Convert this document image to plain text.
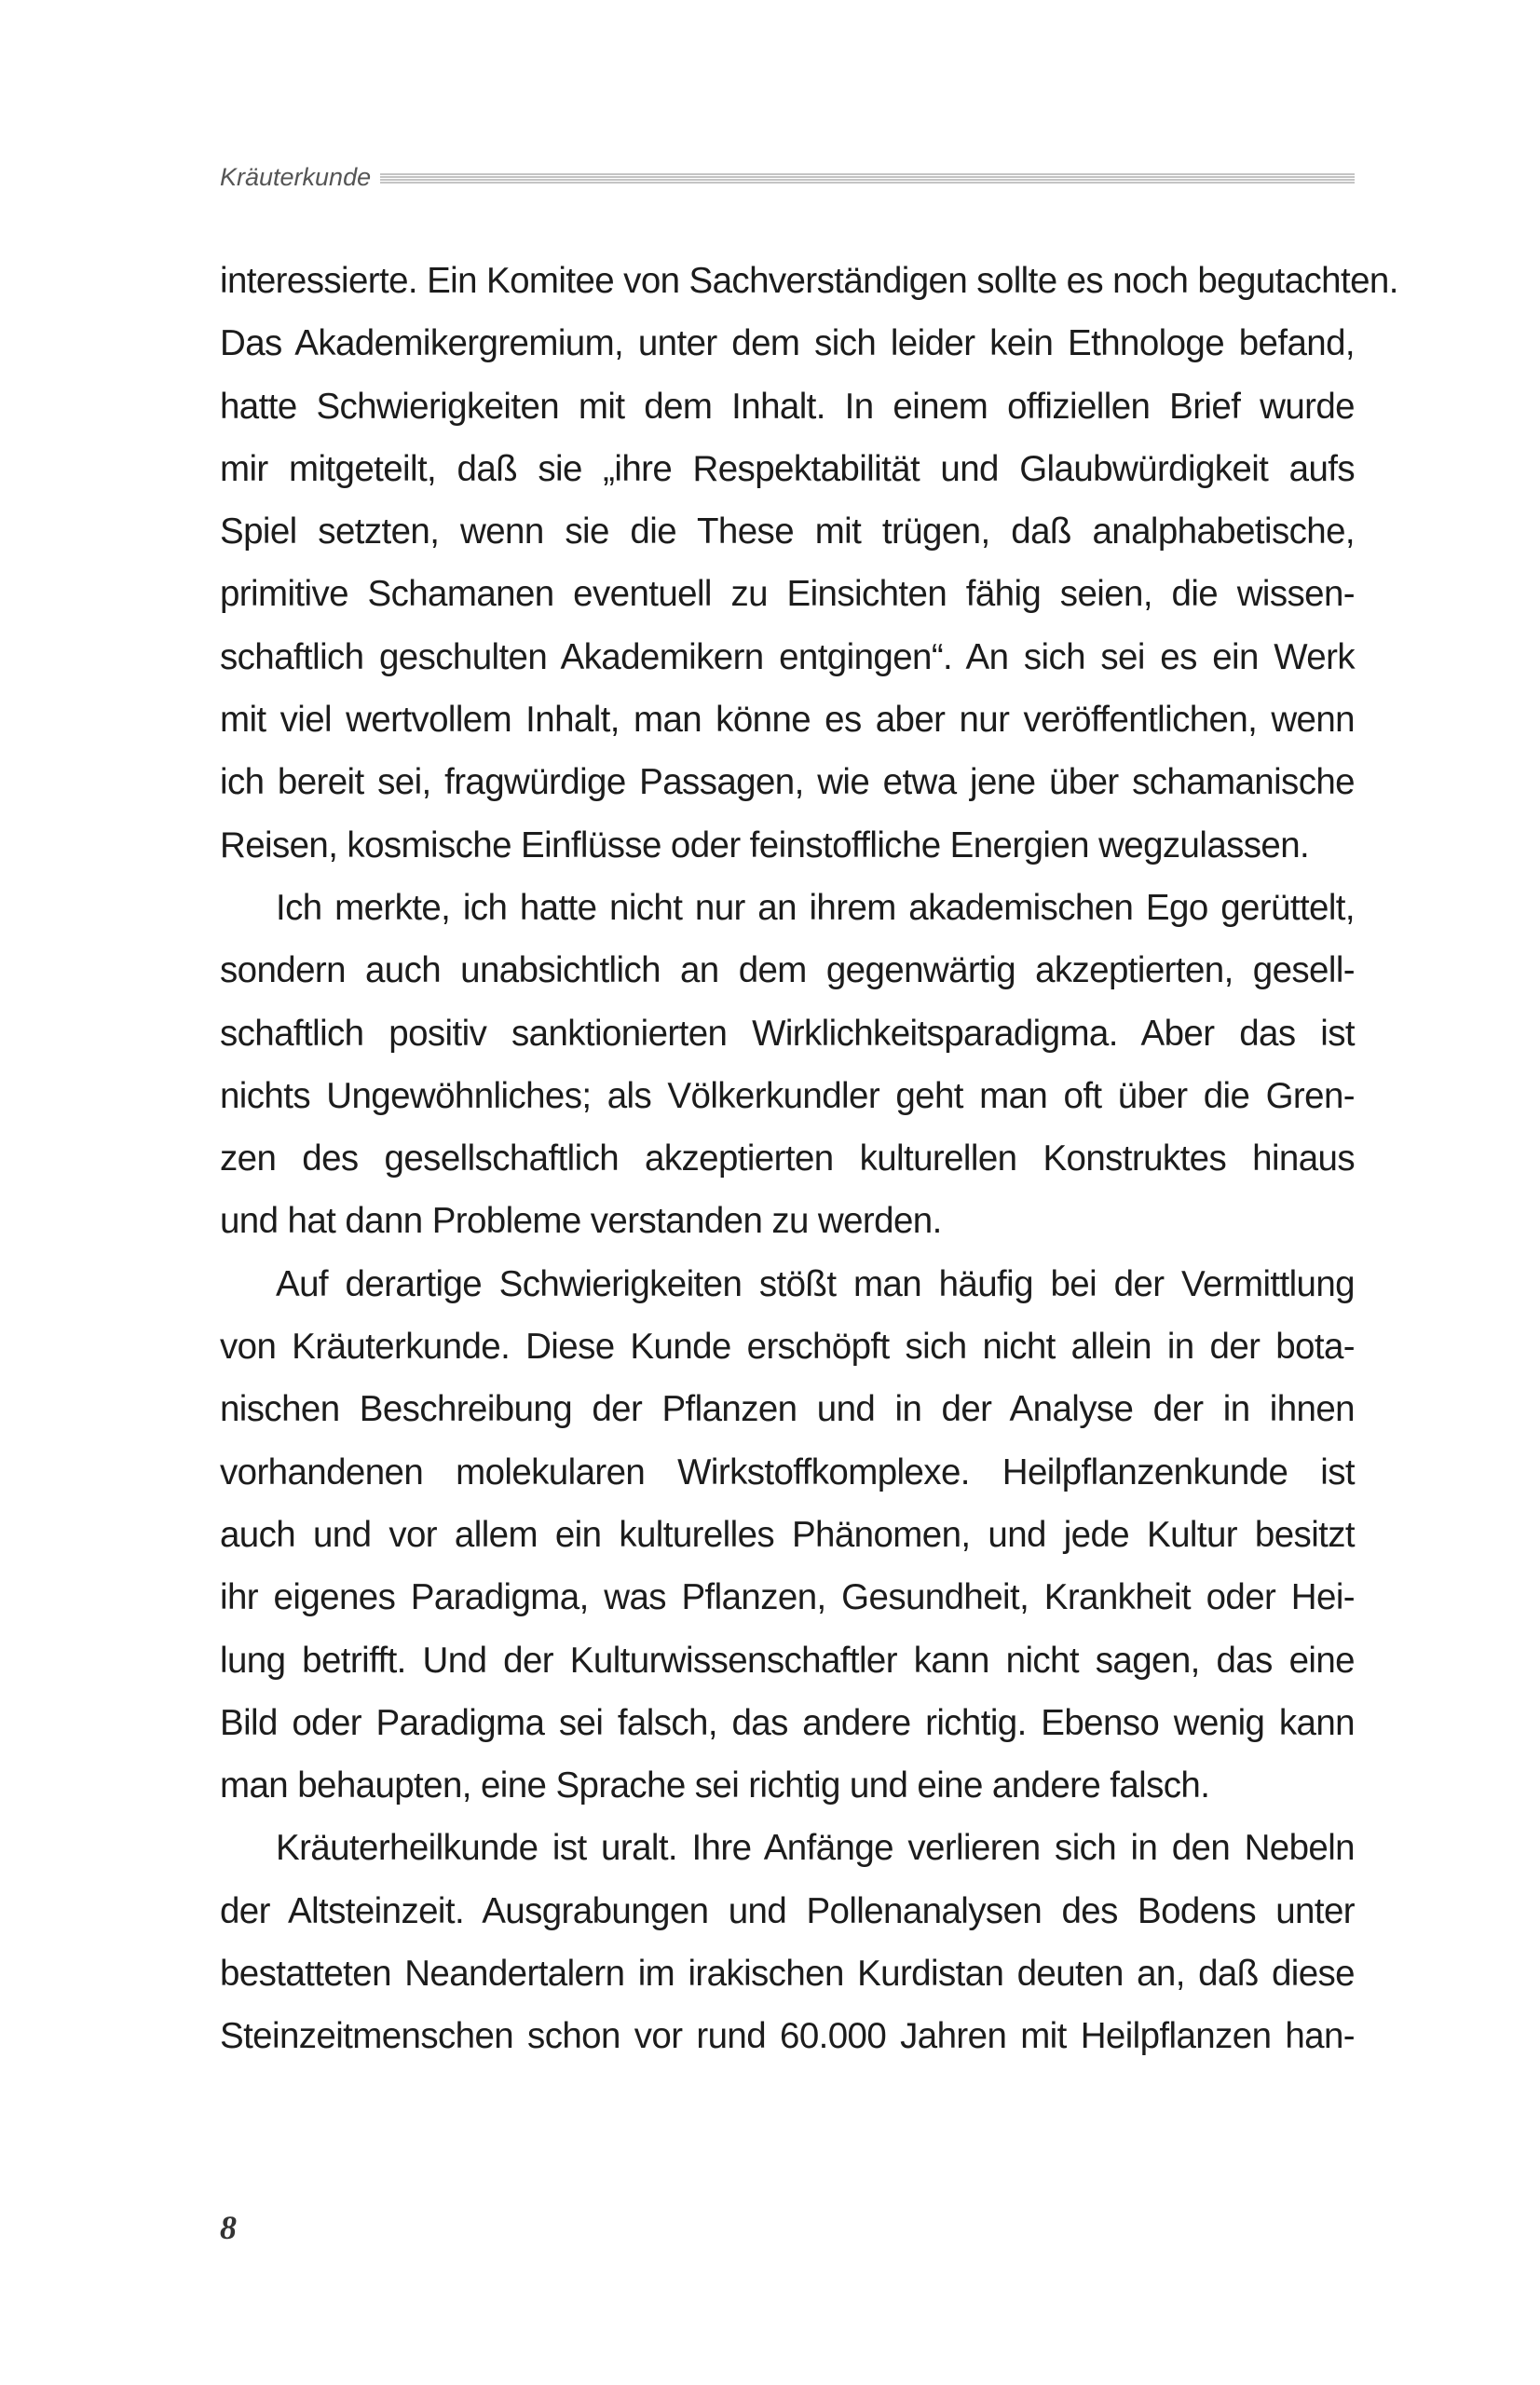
Kräuterkunde
interessierte. Ein Komitee von Sachverständigen sollte es noch begutachten.
Das Akademikergremium, unter dem sich leider kein Ethnologe befand,
hatte Schwierigkeiten mit dem Inhalt. In einem offiziellen Brief wurde
mir mitgeteilt, daß sie „ihre Respektabilität und Glaubwürdigkeit aufs
Spiel setzten, wenn sie die These mit trügen, daß analphabetische,
primitive Schamanen eventuell zu Einsichten fähig seien, die wissen-
schaftlich geschulten Akademikern entgingen“. An sich sei es ein Werk
mit viel wertvollem Inhalt, man könne es aber nur veröffentlichen, wenn
ich bereit sei, fragwürdige Passagen, wie etwa jene über schamanische
Reisen, kosmische Einflüsse oder feinstoffliche Energien wegzulassen.
Ich merkte, ich hatte nicht nur an ihrem akademischen Ego gerüttelt,
sondern auch unabsichtlich an dem gegenwärtig akzeptierten, gesell-
schaftlich positiv sanktionierten Wirklichkeitsparadigma. Aber das ist
nichts Ungewöhnliches; als Völkerkundler geht man oft über die Gren-
zen des gesellschaftlich akzeptierten kulturellen Konstruktes hinaus
und hat dann Probleme verstanden zu werden.
Auf derartige Schwierigkeiten stößt man häufig bei der Vermittlung
von Kräuterkunde. Diese Kunde erschöpft sich nicht allein in der bota-
nischen Beschreibung der Pflanzen und in der Analyse der in ihnen
vorhandenen molekularen Wirkstoffkomplexe. Heilpflanzenkunde ist
auch und vor allem ein kulturelles Phänomen, und jede Kultur besitzt
ihr eigenes Paradigma, was Pflanzen, Gesundheit, Krankheit oder Hei-
lung betrifft. Und der Kulturwissenschaftler kann nicht sagen, das eine
Bild oder Paradigma sei falsch, das andere richtig. Ebenso wenig kann
man behaupten, eine Sprache sei richtig und eine andere falsch.
Kräuterheilkunde ist uralt. Ihre Anfänge verlieren sich in den Nebeln
der Altsteinzeit. Ausgrabungen und Pollenanalysen des Bodens unter
bestatteten Neandertalern im irakischen Kurdistan deuten an, daß diese
Steinzeitmenschen schon vor rund 60.000 Jahren mit Heilpflanzen han-
8
